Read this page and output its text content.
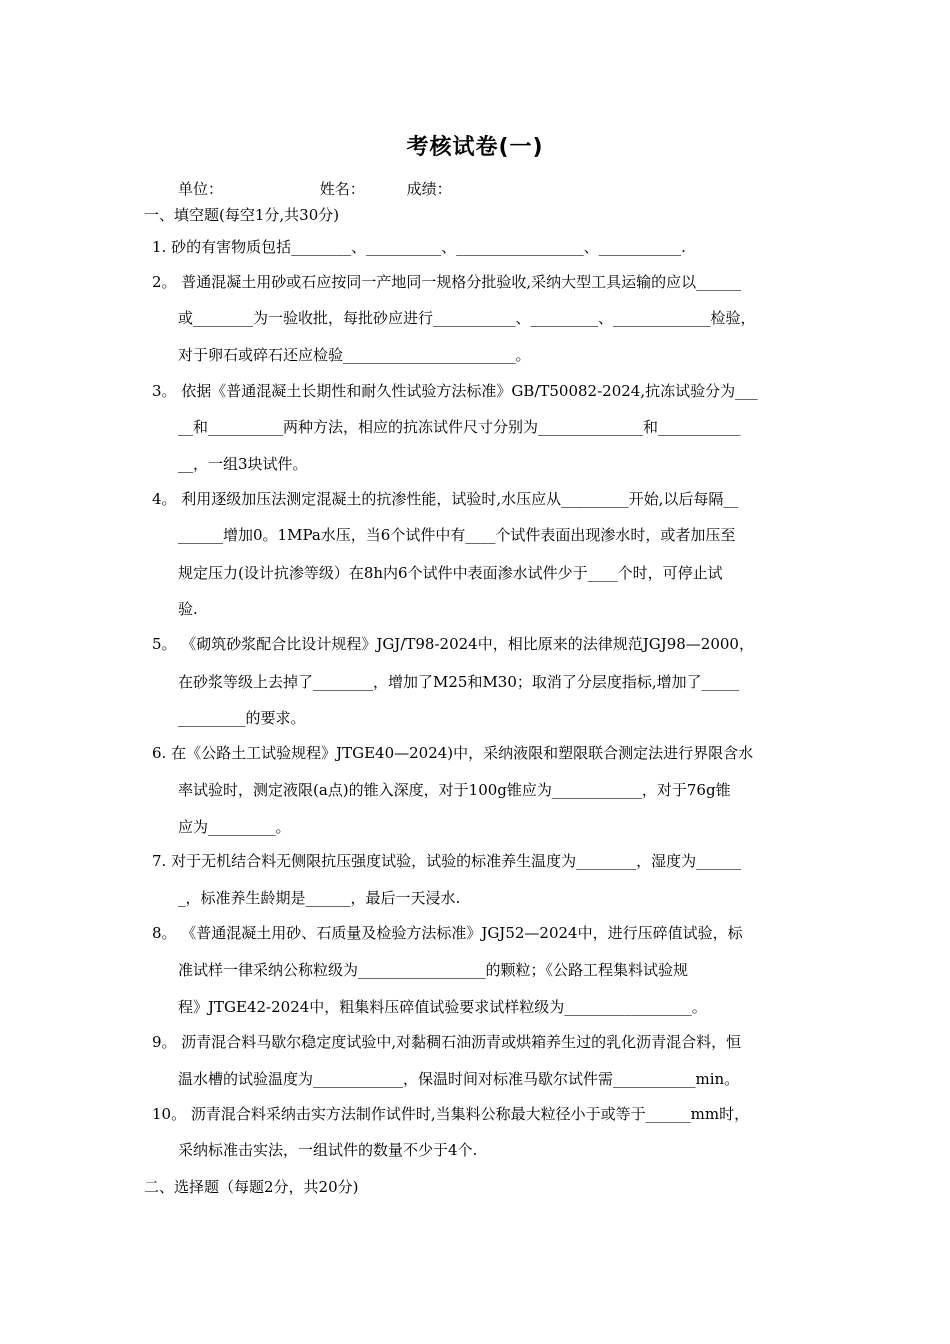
考核试卷(一)
单位：	姓名：	成绩：
一、填空题(每空1分,共30分)
1. 砂的有害物质包括________、__________、_________________、___________.
2。 普通混凝土用砂或石应按同一产地同一规格分批验收,采纳大型工具运输的应以______
或________为一验收批，每批砂应进行___________、_________、_____________检验，
对于卵石或碎石还应检验_______________________。
3。 依据《普通混凝土长期性和耐久性试验方法标准》GB/T50082-2024,抗冻试验分为___
__和__________两种方法，相应的抗冻试件尺寸分别为______________和___________
__，一组3块试件。
4。 利用逐级加压法测定混凝土的抗渗性能，试验时,水压应从_________开始,以后每隔__
______增加0。1MPa水压，当6个试件中有____个试件表面出现渗水时，或者加压至
规定压力(设计抗渗等级）在8h内6个试件中表面渗水试件少于____个时，可停止试
验.
5。 《砌筑砂浆配合比设计规程》JGJ/T98-2024中，相比原来的法律规范JGJ98—2000，
在砂浆等级上去掉了________，增加了M25和M30；取消了分层度指标,增加了_____
_________的要求。
6. 在《公路土工试验规程》JTGE40—2024)中，采纳液限和塑限联合测定法进行界限含水
率试验时，测定液限(a点)的锥入深度，对于100g锥应为____________，对于76g锥
应为_________。
7. 对于无机结合料无侧限抗压强度试验，试验的标准养生温度为________，湿度为______
_，标准养生龄期是______，最后一天浸水.
8。 《普通混凝土用砂、石质量及检验方法标准》JGJ52—2024中，进行压碎值试验，标
准试样一律采纳公称粒级为_________________的颗粒；《公路工程集料试验规
程》JTGE42-2024中，粗集料压碎值试验要求试样粒级为_________________。
9。 沥青混合料马歇尔稳定度试验中,对黏稠石油沥青或烘箱养生过的乳化沥青混合料，恒
温水槽的试验温度为____________，保温时间对标准马歇尔试件需___________min。
10。 沥青混合料采纳击实方法制作试件时,当集料公称最大粒径小于或等于______mm时，
采纳标准击实法，一组试件的数量不少于4个.
二、选择题（每题2分，共20分)
